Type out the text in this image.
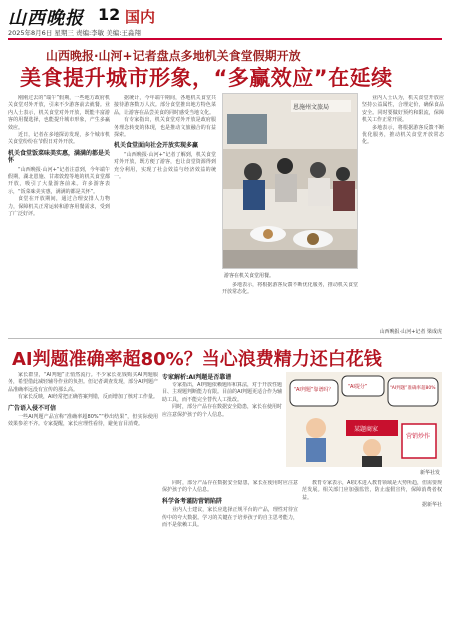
山西晚报 12 国内
2025年8月6日 星期三 责编:李敏 美编:王淼翔
山西晚报·山河+记者盘点多地机关食堂假期开放
美食提升城市形象，“多赢效应”在延续

刚刚过去的“端午”假期，一些地方政府机关食堂对外开放，引来不少游客前去就餐。业内人士表示，机关食堂对外开放，既能丰富游客的用餐选择，也能提升城市形象，产生多赢效应。

近日，记者在多地探访发现，多个城市机关食堂纷纷在节假日对外开放。

机关食堂饭菜味美实惠，满满的都是关怀

“山西晚报·山河+”记者注意到，今年端午假期，湖北恩施、甘肃敦煌等地的机关食堂都开放，吸引了大量游客前来。许多游客表示，“饭菜味美实惠，满满的都是关怀”。

食堂在开放期间，通过合理安排人力物力，保障机关正常运转和游客用餐需求，受到了广泛好评。

据统计，今年端午期间，各地机关食堂共接待游客数万人次。部分食堂推出地方特色菜品，让游客在品尝美食的同时感受当地文化。

有专家指出，机关食堂对外开放是政府服务理念转变的体现，也是推动文旅融合的有益探索。

机关食堂面向社会开放实现多赢

“山西晚报·山河+”记者了解到，机关食堂对外开放，既方便了游客，也让食堂资源得到充分利用，实现了社会效益与经济效益的统一。

恩施州文旅局
游客在机关食堂用餐。

业内人士认为，机关食堂开放应坚持公益属性，合理定价，确保食品安全。同时要做好预约和限流，保障机关工作正常开展。

多地表示，将根据游客反馈不断优化服务，推动机关食堂开放常态化。

多地表示，将根据游客反馈不断优化服务，推动机关食堂开放常态化。

山西晚报·山河+记者 梁成虎
AI判题准确率超80%？当心浪费精力还白花钱

家长群里，“AI判题”正悄然流行。不少家长花钱购买AI判题服务，希望借此减轻辅导作业的负担。但记者调查发现，部分AI判题产品准确率远没有宣传的那么高。

有家长反映，AI经常把正确答案判错，反而增加了核对工作量。

广告语入侵不可信

一些AI判题产品宣称“准确率超80%”“秒出结果”，但实际使用效果参差不齐。专家提醒，家长应理性看待，避免盲目消费。

专家解析:AI判题是否靠谱

专家指出，AI判题依赖题库和算法，对于开放性题目、主观题判断能力有限。目前的AI判题更适合作为辅助工具，而不能完全替代人工批改。

同时，部分产品存在数据安全隐患，家长在使用时应注意保护孩子的个人信息。

“AI判题”靠谱吗？	“AI提分”	“AI判题”准确率超80%
某题商家
营销炒作
新华社发

同时，部分产品存在数据安全隐患，家长在使用时应注意保护孩子的个人信息。

科学备考谨防营销陷阱

业内人士建议，家长应选择正规平台的产品，理性对待宣传中的夸大数据。学习的关键在于培养孩子的自主思考能力，而不是依赖工具。

教育专家表示，AI技术进入教育领域是大势所趋，但需要规范发展。相关部门应加强监管，防止虚假宣传，保障消费者权益。

据新华社
